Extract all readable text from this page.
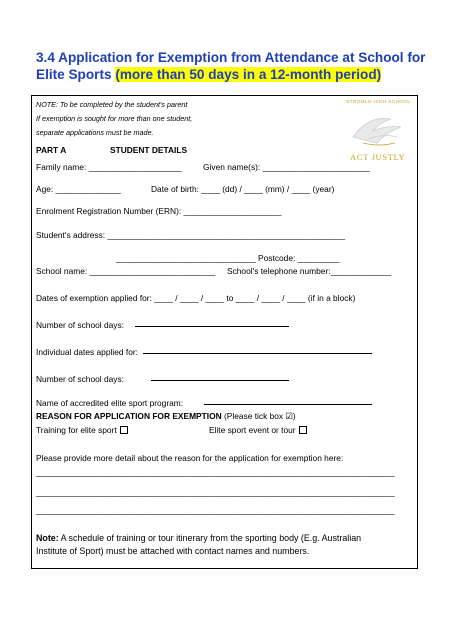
3.4 Application for Exemption from Attendance at School for Elite Sports (more than 50 days in a 12-month period)
STROMLO HIGH SCHOOL
ACT JUSTLY
NOTE: To be completed by the student's parent
If exemption is sought for more than one student,
separate applications must be made.
PART A	STUDENT DETAILS
Family name: ____________________	Given name(s): _______________________
Age: ______________	Date of birth: ____ (dd) / ____ (mm) / ____ (year)
Enrolment Registration Number (ERN): _____________________
Student's address: ___________________________________________________
______________________________ Postcode: _________
School name: ___________________________ School's telephone number:_____________
Dates of exemption applied for: ____ / ____ / ____ to ____ / ____ / ____ (if in a block)
Number of school days:
Individual dates applied for:
Number of school days:
Name of accredited elite sport program:
REASON FOR APPLICATION FOR EXEMPTION (Please tick box ☑)
Training for elite sport	Elite sport event or tour
Please provide more detail about the reason for the application for exemption here:
_____________________________________________________________________________
_____________________________________________________________________________
_____________________________________________________________________________
Note: A schedule of training or tour itinerary from the sporting body (E.g. Australian
Institute of Sport) must be attached with contact names and numbers.
